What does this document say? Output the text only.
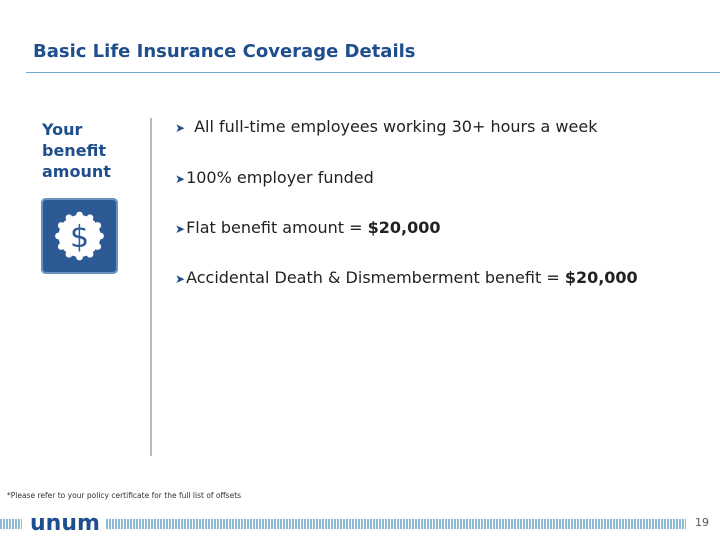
Basic Life Insurance Coverage Details
Your
benefit
amount
$
➤ All full-time employees working 30+ hours a week
➤100% employer funded
➤Flat benefit amount = $20,000
➤Accidental Death & Dismemberment benefit = $20,000
*Please refer to your policy certificate for the full list of offsets
unum	19
